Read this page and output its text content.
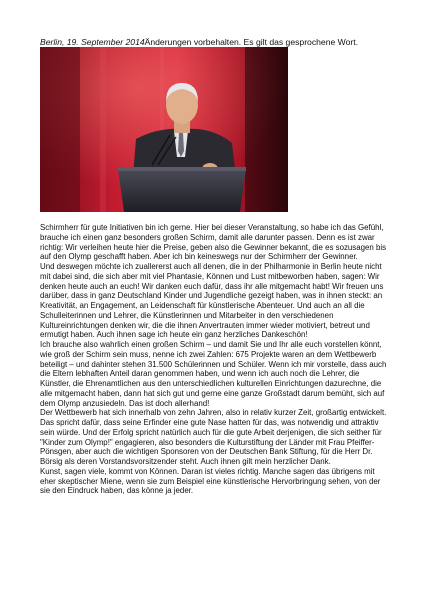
Berlin, 19. September 2014Änderungen vorbehalten. Es gilt das gesprochene Wort.

Schirmherr für gute Initiativen bin ich gerne. Hier bei dieser Veranstaltung, so habe ich das Gefühl, brauche ich einen ganz besonders großen Schirm, damit alle darunter passen. Denn es ist zwar richtig: Wir verleihen heute hier die Preise, geben also die Gewinner bekannt, die es sozusagen bis auf den Olymp geschafft haben. Aber ich bin keineswegs nur der Schirmherr der Gewinner.

Und deswegen möchte ich zuallererst auch all denen, die in der Philharmonie in Berlin heute nicht mit dabei sind, die sich aber mit viel Phantasie, Können und Lust mitbeworben haben, sagen: Wir denken heute auch an euch! Wir danken euch dafür, dass ihr alle mitgemacht habt! Wir freuen uns darüber, dass in ganz Deutschland Kinder und Jugendliche gezeigt haben, was in ihnen steckt: an Kreativität, an Engagement, an Leidenschaft für künstlerische Abenteuer. Und auch an all die Schulleiterinnen und Lehrer, die Künstlerinnen und Mitarbeiter in den verschiedenen Kultureinrichtungen denken wir, die die ihnen Anvertrauten immer wieder motiviert, betreut und ermutigt haben. Auch ihnen sage ich heute ein ganz herzliches Dankeschön!

Ich brauche also wahrlich einen großen Schirm – und damit Sie und Ihr alle euch vorstellen könnt, wie groß der Schirm sein muss, nenne ich zwei Zahlen: 675 Projekte waren an dem Wettbewerb beteiligt – und dahinter stehen 31.500 Schülerinnen und Schüler. Wenn ich mir vorstelle, dass auch die Eltern lebhaften Anteil daran genommen haben, und wenn ich auch noch die Lehrer, die Künstler, die Ehrenamtlichen aus den unterschiedlichen kulturellen Einrichtungen dazurechne, die alle mitgemacht haben, dann hat sich gut und gerne eine ganze Großstadt darum bemüht, sich auf dem Olymp anzusiedeln. Das ist doch allerhand!

Der Wettbewerb hat sich innerhalb von zehn Jahren, also in relativ kurzer Zeit, großartig entwickelt. Das spricht dafür, dass seine Erfinder eine gute Nase hatten für das, was notwendig und attraktiv sein würde. Und der Erfolg spricht natürlich auch für die gute Arbeit derjenigen, die sich seither für "Kinder zum Olymp!" engagieren, also besonders die Kulturstiftung der Länder mit Frau Pfeiffer-Pönsgen, aber auch die wichtigen Sponsoren von der Deutschen Bank Stiftung, für die Herr Dr. Börsig als deren Vorstandsvorsitzender steht. Auch ihnen gilt mein herzlicher Dank.

Kunst, sagen viele, kommt von Können. Daran ist vieles richtig. Manche sagen das übrigens mit eher skeptischer Miene, wenn sie zum Beispiel eine künstlerische Hervorbringung sehen, von der sie den Eindruck haben, das könne ja jeder.
